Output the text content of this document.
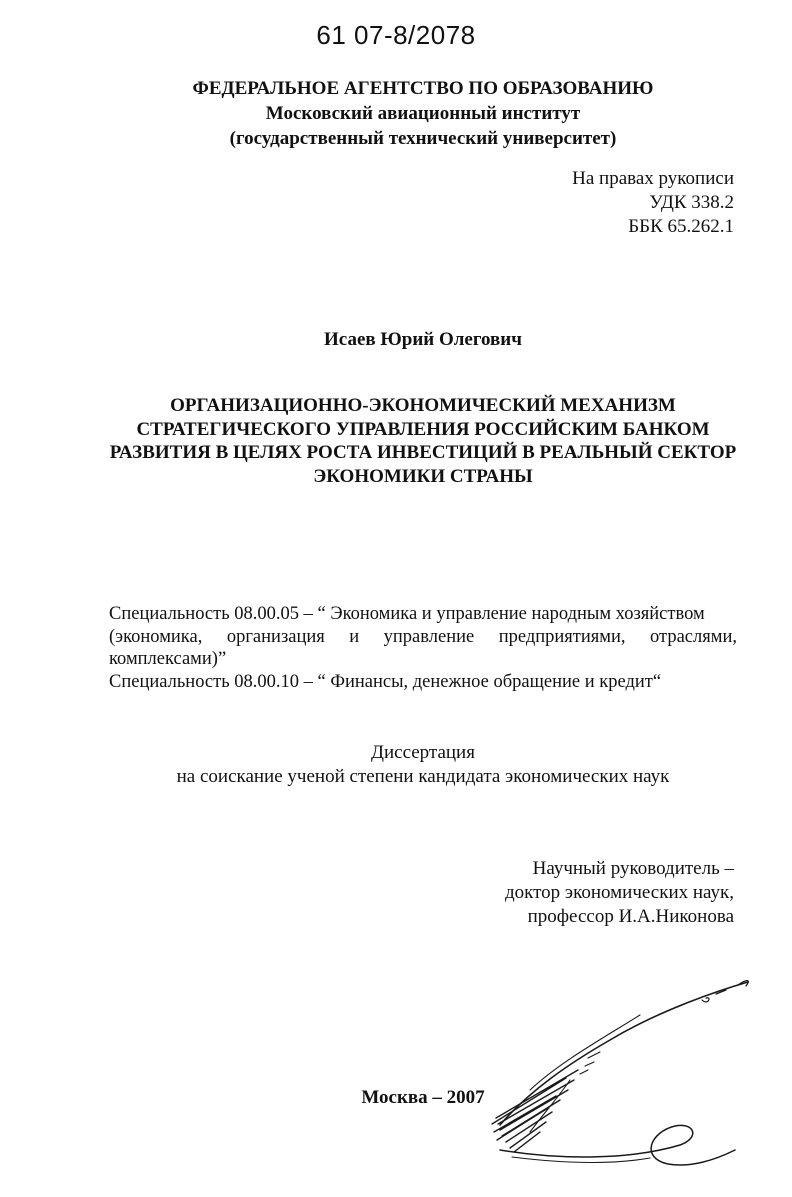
61 07-8/2078
ФЕДЕРАЛЬНОЕ АГЕНТСТВО ПО ОБРАЗОВАНИЮ
Московский авиационный институт
(государственный технический университет)
На правах рукописи
УДК 338.2
ББК 65.262.1
Исаев Юрий Олегович
ОРГАНИЗАЦИОННО-ЭКОНОМИЧЕСКИЙ МЕХАНИЗМ
СТРАТЕГИЧЕСКОГО УПРАВЛЕНИЯ РОССИЙСКИМ БАНКОМ
РАЗВИТИЯ В ЦЕЛЯХ РОСТА ИНВЕСТИЦИЙ В РЕАЛЬНЫЙ СЕКТОР
ЭКОНОМИКИ СТРАНЫ
Специальность 08.00.05 – “ Экономика и управление народным хозяйством
(экономика, организация и управление предприятиями, отраслями,
комплексами)”
Специальность 08.00.10 – “ Финансы, денежное обращение и кредит“
Диссертация
на соискание ученой степени кандидата экономических наук
Научный руководитель –
доктор экономических наук,
профессор И.А.Никонова
Москва – 2007
